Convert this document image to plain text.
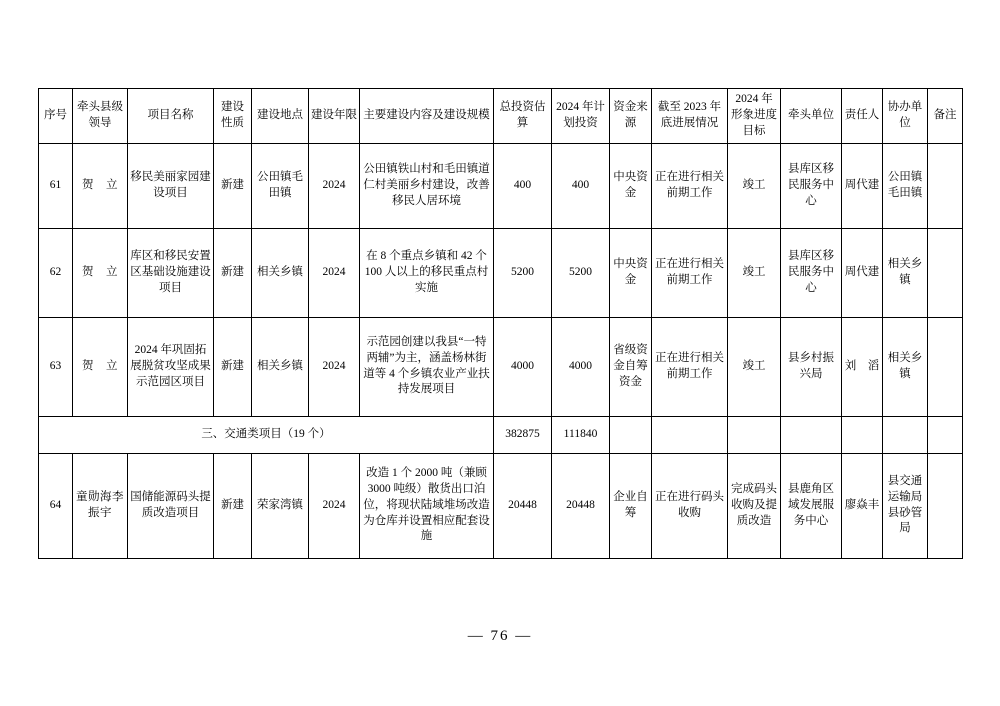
序号	牵头县级领导	项目名称	建设性质	建设地点	建设年限	主要建设内容及建设规模	总投资估算	2024 年计划投资	资金来源	截至 2023 年底进展情况	2024 年形象进度目标	牵头单位	责任人	协办单位	备注
61	贺　立	移民美丽家园建设项目	新建	公田镇毛田镇	2024	公田镇铁山村和毛田镇道仁村美丽乡村建设，改善移民人居环境	400	400	中央资金	正在进行相关前期工作	竣工	县库区移民服务中心	周代建	公田镇毛田镇	
62	贺　立	库区和移民安置区基础设施建设项目	新建	相关乡镇	2024	在 8 个重点乡镇和 42 个 100 人以上的移民重点村实施	5200	5200	中央资金	正在进行相关前期工作	竣工	县库区移民服务中心	周代建	相关乡镇	
63	贺　立	2024 年巩固拓展脱贫攻坚成果示范园区项目	新建	相关乡镇	2024	示范园创建以我县“一特两辅”为主，涵盖杨林街道等 4 个乡镇农业产业扶持发展项目	4000	4000	省级资金自筹资金	正在进行相关前期工作	竣工	县乡村振兴局	刘　滔	相关乡镇	
三、交通类项目（19 个）							382875	111840							
64	童勋海李振宇	国储能源码头提质改造项目	新建	荣家湾镇	2024	改造 1 个 2000 吨（兼顾 3000 吨级）散货出口泊位，将现状陆域堆场改造为仓库并设置相应配套设施	20448	20448	企业自筹	正在进行码头收购	完成码头收购及提质改造	县鹿角区域发展服务中心	廖焱丰	县交通运输局县砂管局	
— 76 —
